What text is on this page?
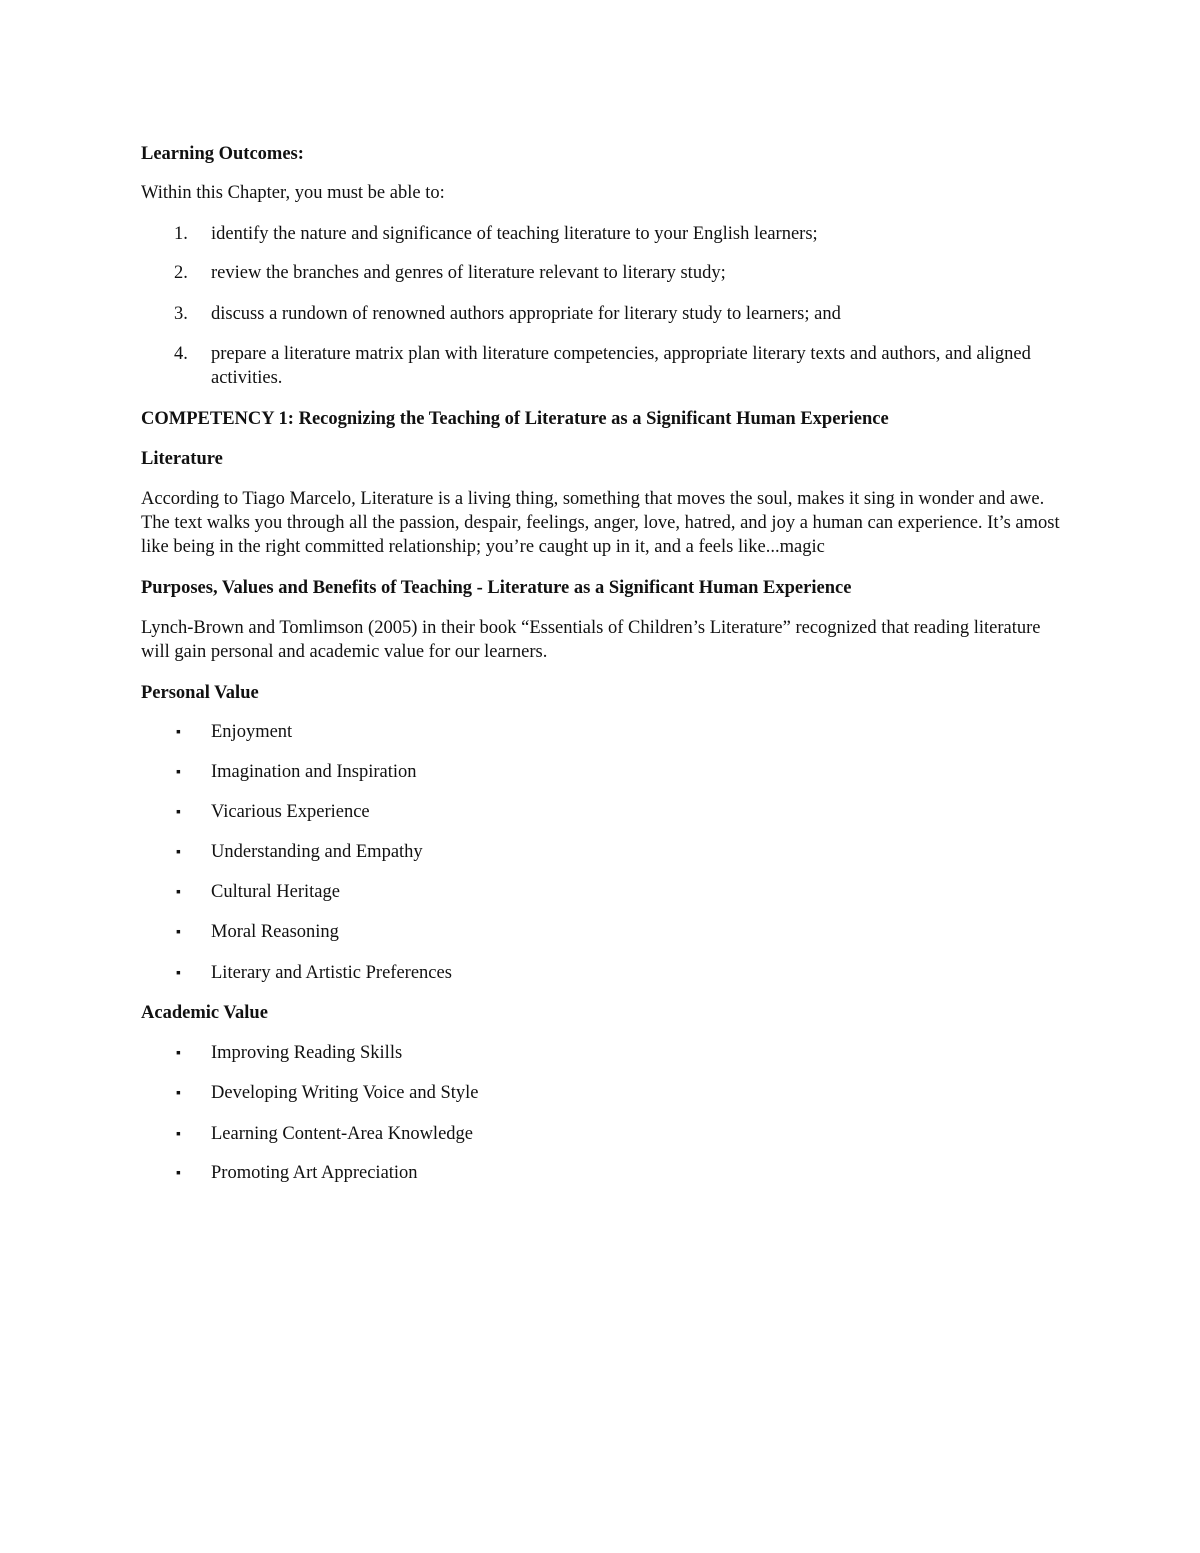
Learning Outcomes:
Within this Chapter, you must be able to:
1. identify the nature and significance of teaching literature to your English learners;
2. review the branches and genres of literature relevant to literary study;
3. discuss a rundown of renowned authors appropriate for literary study to learners; and
4. prepare a literature matrix plan with literature competencies, appropriate literary texts and authors, and aligned activities.
COMPETENCY 1: Recognizing the Teaching of Literature as a Significant Human Experience
Literature
According to Tiago Marcelo, Literature is a living thing, something that moves the soul, makes it sing in wonder and awe. The text walks you through all the passion, despair, feelings, anger, love, hatred, and joy a human can experience. It’s amost like being in the right committed relationship; you’re caught up in it, and a feels like...magic
Purposes, Values and Benefits of Teaching - Literature as a Significant Human Experience
Lynch-Brown and Tomlimson (2005) in their book “Essentials of Children’s Literature” recognized that reading literature will gain personal and academic value for our learners.
Personal Value
▪ Enjoyment
▪ Imagination and Inspiration
▪ Vicarious Experience
▪ Understanding and Empathy
▪ Cultural Heritage
▪ Moral Reasoning
▪ Literary and Artistic Preferences
Academic Value
▪ Improving Reading Skills
▪ Developing Writing Voice and Style
▪ Learning Content-Area Knowledge
▪ Promoting Art Appreciation
